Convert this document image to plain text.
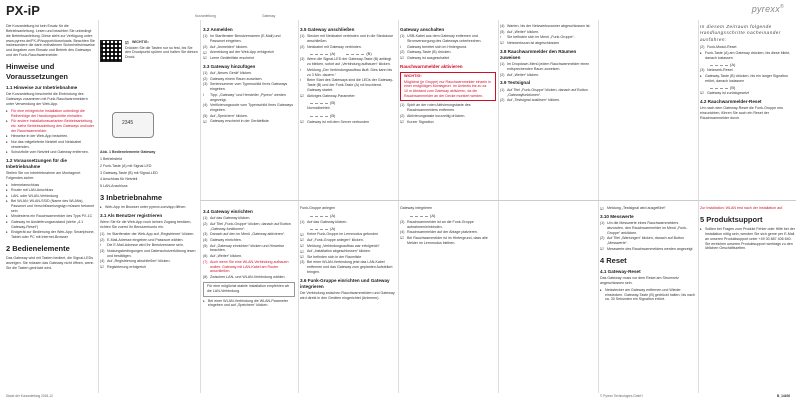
PX-iP	Kurzanleitung	Gateway
pyrexx®

Die Kurzanleitung ist kein Ersatz für die Betriebsanleitung. Lesen und beachten Sie unbedingt die Betriebsanleitung. Diese steht zur Verfügung unter: www.pyrexx.de/PX-iP/support/downloads. Beachten Sie insbesondere die darin enthaltenen Sicherheitshinweise und Angaben zum Einsatz und Betrieb des Gateways und der Funk-Rauchwarnmelder.

Hinweise und Voraussetzungen
1.1 Hinweise zur Inbetriebnahme

Die Kurzanleitung beschreibt die Einbindung des Gateways zusammen mit Funk-Rauchwarnmeldern unter Verwendung der Web-App.

▸ Für eine erfolgreiche Installation unbedingt die Reihenfolge der Handlungsschritte einhalten.
▸ Für andere Installationsvarianten Betriebsanleitung, etc. siehe Betriebsanleitung des Gateways und/oder der Rauchwarnmelder.
▸ Hinweise in der Web-App beachten.
▸ Nur das mitgelieferte Netzteil und Netzkabel verwenden.
▸ Schutzfolie vom Netzteil und Gateway entfernen.
1.2 Voraussetzungen für die Inbetriebnahme

Stellen Sie vor Inbetriebnahme am Montageort Folgendes sicher:

▸ Internetanschluss
▸ Router mit LAN-Anschluss
▸ LAN- oder WLAN-Verbindung
▸ Bei WLAN: WLAN-SSID (Name des WLANs), Passwort und Verschlüsselungstyp müssen bekannt sein
▸ Mindestens ein Rauchwarnmelder des Typs PX-1C
▸ Gateway im Auslieferungszustand (siehe „4.1 Gateway-Reset“)
▸ Endgerät zur Bedienung der Web-App: Smartphone, Tablet oder PC mit Internet-Browser
2 Bedienelemente

Das Gateway wird mit Tasten bedient, die Signal-LEDs anzeigen. Sie müssen das Gateway nicht öffnen, wenn Sie die Tasten gedrückt wird.

Stand der Kurzanleitung 2018-12
☑ WICHTIG:

Drücken Sie die Tasten nur so fest, bis Sie den Druckpunkt spüren und halten Sie diesen Druck.

2345

Abb. 1 Bedienelemente Gateway

1 Betriebsfeld

2 Funk-Taste (A) mit Signal-LED

3 Gateway-Taste (B) mit Signal-LED

4 Anschluss für Netzteil

5 LAN-Anschluss

3 Inbetriebnahme
▸ Web-App im Browser unter pyrexx.com/app öffnen.
3.1 Als Benutzer registrieren

Wenn Sie für die Web-App noch keinen Zugang besitzen, richten Sie zuerst Ihr Benutzerkonto ein.

(1) Im Startfenster der Web-App auf „Registrieren“ klicken.
(2) E-Mail-Adresse eingeben und Passwort wählen.
i Die E-Mail-Adresse wird Ihr Benutzername sein.
(3) Nutzungsbedingungen und Datenschutzerklärung lesen und bestätigen.
(4) Auf „Registrierung abschließen“ klicken.
☑ Registrierung erfolgreich
3.2 Anmelden
(1) Im Startfenster Benutzernamen (E-Mail) und Passwort eingeben.
(2) Auf „Anmelden“ klicken.
☑ Anmeldung auf der Web-App erfolgreich
☑ Leere Gerätelliste erscheint
3.3 Gateway hinzufügen
(1) Auf „Neues Gerät“ klicken.
(2) Gateway einem Raum zuweisen.
(3) Seriennummer vom Typenschild Ihres Gateways eingeben.
i Tipp: „Gateway“ und Hersteller „Pyrexx“ werden angezeigt.
(4) Verifizierungscode vom Typenschild Ihres Gateways eingeben.
(5) Auf „Speichern“ klicken.
☑ Gateway erscheint in der Gerätelliste
3.4 Gateway einrichten
(1) Auf das Gateway klicken.
(2) Auf Titel „Funk-Gruppe“ klicken, danach auf Button „Gateway-funktionen“.
(3) Danach auf den im Menü „Gateway aktivieren“.
(4) Gateway einrichten.
(5) Auf „Gateway einrichten“ klicken und Hinweise beachten.
(6) Auf „Weiter“ klicken.
(7) Auch wenn Sie eine WLAN-Verbindung aufbauen wollen: Gateway mit LAN-Kabel am Router anschließen.
(8) Zwischen LAN- und WLAN-Verbindung wählen.
Für eine möglichst stabile Installation empfehlen wir die LAN-Verbindung.
▸ Bei einer WLAN-Verbindung die WLAN-Parameter eingeben und auf „Speichern“ klicken.
3.5 Gateway anschließen
(1) Stecker mit Netzkabel verbinden und in die Steckdose anschließen.
(2) Netzkabel mit Gateway verbinden.
(A)	(B)
(3) Wenn die Signal-LED der Gateway-Taste (B) anfängt zu blinken, sofort auf „Verbindung aufbauen“ klicken.
i Meldung „Der Verbindungsaufbau läuft. Dies kann bis zu 3 Min. dauern.“
i Beim Start des Gateways sind die LEDs der Gateway-Taste (B) und der Funk-Taste (A) rot leuchtend. Gateway startet.
☑ Aktiviges Gateway-Parameter:
(B)

Normalbetrieb

(B)
☑ Gateway ist mit dem Server verbunden

Funk-Gruppe anlegen

(A)
(1) Auf das Gateway klicken.
(A)
☑ Keine Funk-Gruppe im Lernmodus gefunden
☑ Auf „Funk-Gruppe anlegen“ klicken.
☑ Meldung „Verbindungsaufbau war erfolgreich“
☑ Auf „Installation abgeschlossen“ klicken.
☑ Sie befinden sich in der Raumliste
(3) Bei einer WLAN-Verbindung jetzt das LAN-Kabel entfernen und das Gateway zum geplanten Aufstellort bringen.
3.6 Funk-Gruppe einrichten und Gateway integrieren

Die Verbindung zwischen Rauchwarnmeldern und Gateway wird direkt in den Geräten eingerichtet (Anlernen).

Gateway anschalten
(1) USB-Kabel aus dem Gateway entfernen und Stromversorgung des Gateways unterbrechen.
i Gateway bereitet sich im Hintergrund.
(2) Gateway-Taste (B) drücken.
☑ Gateway ist ausgeschaltet
Rauchwarnmelder aktivieren
WICHTIG:
Möglichst (je Gruppe) nur Rauchwarnmelder einzeln in einer endgültigen Montageort. Im Umkreis bis zu ca. 10 m Abstand zum Gateway aktivieren, da die Rauchwarnmelder an der Decke montiert werden.
(1) Spirit an der roten Aktivierungstaste des Rauchwarnmelders entfernen.
(2) Aktivierungstaste kurzzeitig drücken.
☑ Kurzer Signalton

Gateway integrieren

(A)
(3) Rauchwarnmelder ist an die Funk-Gruppe aufnahmen/einbinden.
(4) Rauchwarnmelder auf der Ablage platzieren.
☑ Bei Rauchwarnmelder ist im Hintergrund, dass alle Melder im Lernmodus bleiben.
(4) Warten, bis der Netzwerkscanner abgeschlossen ist.
(5) Auf „Weiter“ klicken.
i Sie befinden sich im Menü „Funk-Gruppe“.
☑ Netzwerkscan ist abgeschlossen
3.8 Rauchwarnmelder den Räumen zuweisen
(1) Im Dropdown-Menü jedem Rauchwarnmelder einen entsprechenden Raum zuweisen.
(2) Auf „Weiter“ klicken.
3.9 Testsignal
(1) Auf Titel „Funk-Gruppe“ klicken, danach auf Button „Gatewayfunktionen“.
(2) Auf „Testsignal auslösen“ klicken.
☑ Meldung „Testsignal wird ausgeführt“
3.10 Messwerte
(1) Um die Messwerte eines Rauchwarnmelders abzurufen, den Rauchwarnmelder im Menü „Funk-Gruppe“ anklicken.
(2) Auf Titel „Wartungen“ klicken, danach auf Button „Messwerte“.
☑ Messwerte des Rauchwarnmelders werden angezeigt
4 Reset
4.1 Gateway-Reset

Das Gateway muss vor dem Reset am Stromnetz angeschlossen sein.

▸ Netzstecker am Gateway entfernen und Wieder einstecken. Gateway-Taste (B) gedrückt halten, bis nach ca. 30 Sekunden ein Signalton ertönt.

In diesem Zeitraum folgende Handlungsschritte nacheinander ausführen:

(2) Funk-Modul-Reset
▸ Funk-Taste (A) am Gateway drücken, bis diese blinkt, danach loslassen
(A)
(3) Netzwerk-Reset
▸ Gateway-Taste (B) drücken, bis ein langer Signalton ertönt, danach loslassen
(B)
☑ Gateway ist zurückgesetzt
4.2 Rauchwarnmelder-Reset

Um nach dem Gateway-Reset die Funk-Gruppe neu einzurichten, führen Sie auch ein Reset der Rauchwarnmelder durch.

Zur Installation: WLAN erst nach der Installation auf.

5 Produktsupport
▸ Sollten bei Fragen zum Produkt Fehler oder Hilfe bei der Installation nötig sein, wenden Sie sich gerne per E-Mail an unseren Produktsupport unter +49 30 887 406 640. Sie erreichen unseren Produktsupport werktags zu den üblichen Geschäftszeiten.
© Pyrexx Technologies GmbH	B_14406
